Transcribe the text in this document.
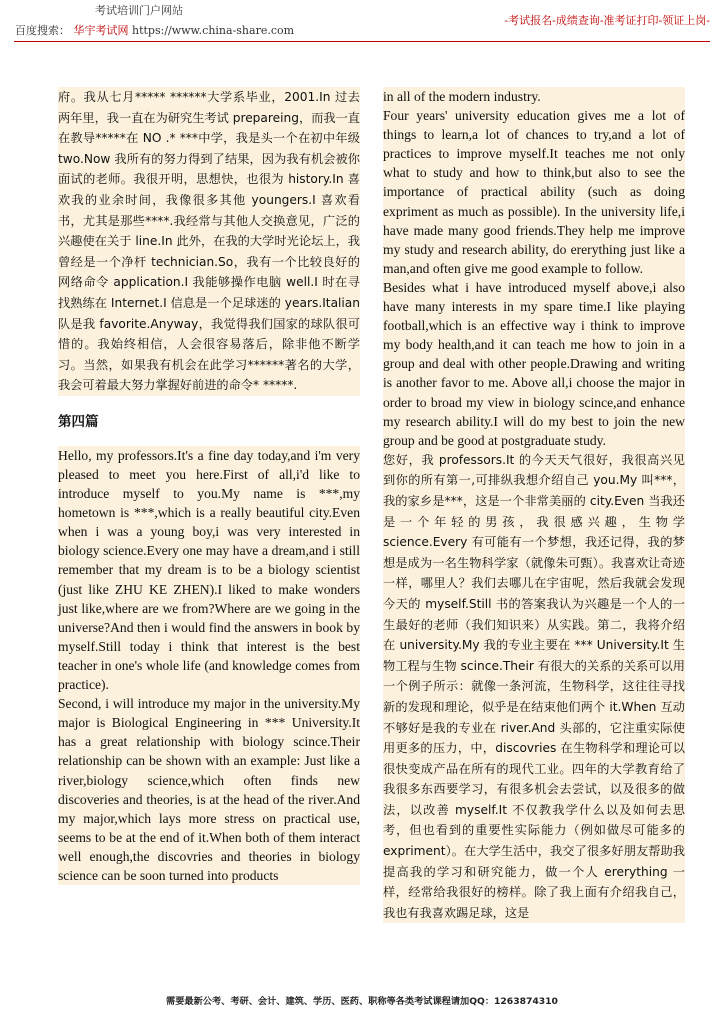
考试培训门户网站
百度搜索： 华宇考试网 https://www.china-share.com
-考试报名-成绩查询-准考证打印-领证上岗-

府。我从七月***** ******大学系毕业，2001.In 过去两年里，我一直在为研究生考试 prepareing，而我一直在教导*****在 NO .* ***中学，我是头一个在初中年级 two.Now 我所有的努力得到了结果，因为我有机会被你面试的老师。我很开明，思想快，也很为 history.In 喜欢我的业余时间，我像很多其他 youngers.I 喜欢看书，尤其是那些****.我经常与其他人交换意见，广泛的兴趣使在关于 line.In 此外，在我的大学时光论坛上，我曾经是一个净杆 technician.So，我有一个比较良好的网络命令 application.I 我能够操作电脑 well.I 时在寻找熟练在 Internet.I 信息是一个足球迷的 years.Italian 队是我 favorite.Anyway，我觉得我们国家的球队很可惜的。我始终相信，人会很容易落后，除非他不断学习。当然，如果我有机会在此学习******著名的大学，我会可着最大努力掌握好前进的命令* *****.

第四篇
Hello, my professors.It's a fine day today,and i'm very pleased to meet you here.First of all,i'd like to introduce myself to you.My name is ***,my hometown is ***,which is a really beautiful city.Even when i was a young boy,i was very interested in biology science.Every one may have a dream,and i still remember that my dream is to be a biology scientist (just like ZHU KE ZHEN).I liked to make wonders just like,where are we from?Where are we going in the universe?And then i would find the answers in book by myself.Still today i think that interest is the best teacher in one's whole life (and knowledge comes from practice).
Second, i will introduce my major in the university.My major is Biological Engineering in *** University.It has a great relationship with biology scince.Their relationship can be shown with an example: Just like a river,biology science,which often finds new discoveries and theories, is at the head of the river.And my major,which lays more stress on practical use, seems to be at the end of it.When both of them interact well enough,the discovries and theories in biology science can be soon turned into products
in all of the modern industry.
Four years' university education gives me a lot of things to learn,a lot of chances to try,and a lot of practices to improve myself.It teaches me not only what to study and how to think,but also to see the importance of practical ability (such as doing expriment as much as possible). In the university life,i have made many good friends.They help me improve my study and research ability, do ererything just like a man,and often give me good example to follow.
Besides what i have introduced myself above,i also have many interests in my spare time.I like playing football,which is an effective way i think to improve my body health,and it can teach me how to join in a group and deal with other people.Drawing and writing is another favor to me. Above all,i choose the major in order to broad my view in biology scince,and enhance my research ability.I will do my best to join the new group and be good at postgraduate study.

您好，我 professors.It 的今天天气很好，我很高兴见到你的所有第一,可排纵我想介绍自己 you.My 叫***，我的家乡是***，这是一个非常美丽的 city.Even 当我还是一个年轻的男孩，我很感兴趣，生物学 science.Every 有可能有一个梦想，我还记得，我的梦想是成为一名生物科学家（就像朱可甄）。我喜欢让奇迹一样，哪里人？我们去哪儿在宇宙呢，然后我就会发现今天的 myself.Still 书的答案我认为兴趣是一个人的一生最好的老师（我们知识来）从实践。第二，我将介绍在 university.My 我的专业主要在 *** University.It 生物工程与生物 scince.Their 有很大的关系的关系可以用一个例子所示：就像一条河流，生物科学，这往往寻找新的发现和理论，似乎是在结束他们两个 it.When 互动不够好是我的专业在 river.And 头部的，它注重实际使用更多的压力，中，discovries 在生物科学和理论可以很快变成产品在所有的现代工业。四年的大学教育给了我很多东西要学习，有很多机会去尝试，以及很多的做法，以改善 myself.It 不仅教我学什么以及如何去思考，但也看到的重要性实际能力（例如做尽可能多的 expriment）。在大学生活中，我交了很多好朋友帮助我提高我的学习和研究能力，做一个人 ererything 一样，经常给我很好的榜样。除了我上面有介绍我自己，我也有我喜欢踢足球，这是

需要最新公考、考研、会计、建筑、学历、医药、职称等各类考试课程请加QQ：1263874310
